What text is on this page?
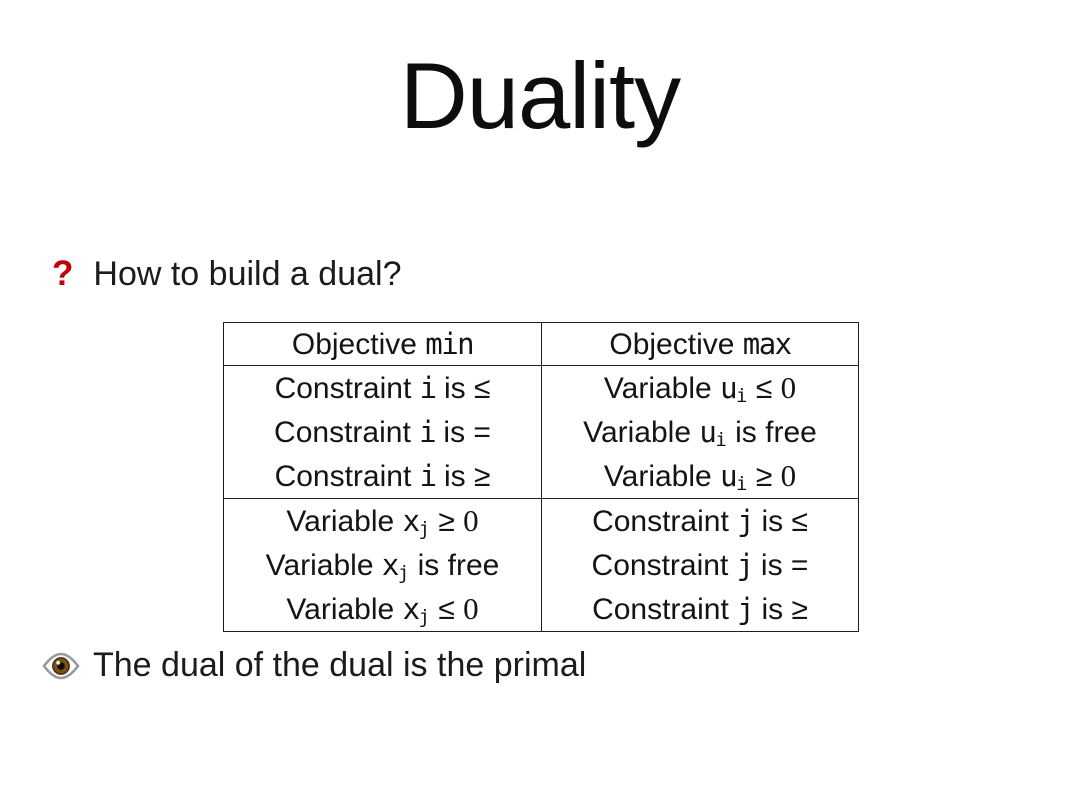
Duality
? How to build a dual?
Objective min	Objective max
Constraint i is ≤
Constraint i is =
Constraint i is ≥
Variable ui ≤ 0
Variable ui is free
Variable ui ≥ 0
Variable xj ≥ 0
Variable xj is free
Variable xj ≤ 0
Constraint j is ≤
Constraint j is =
Constraint j is ≥
The dual of the dual is the primal
